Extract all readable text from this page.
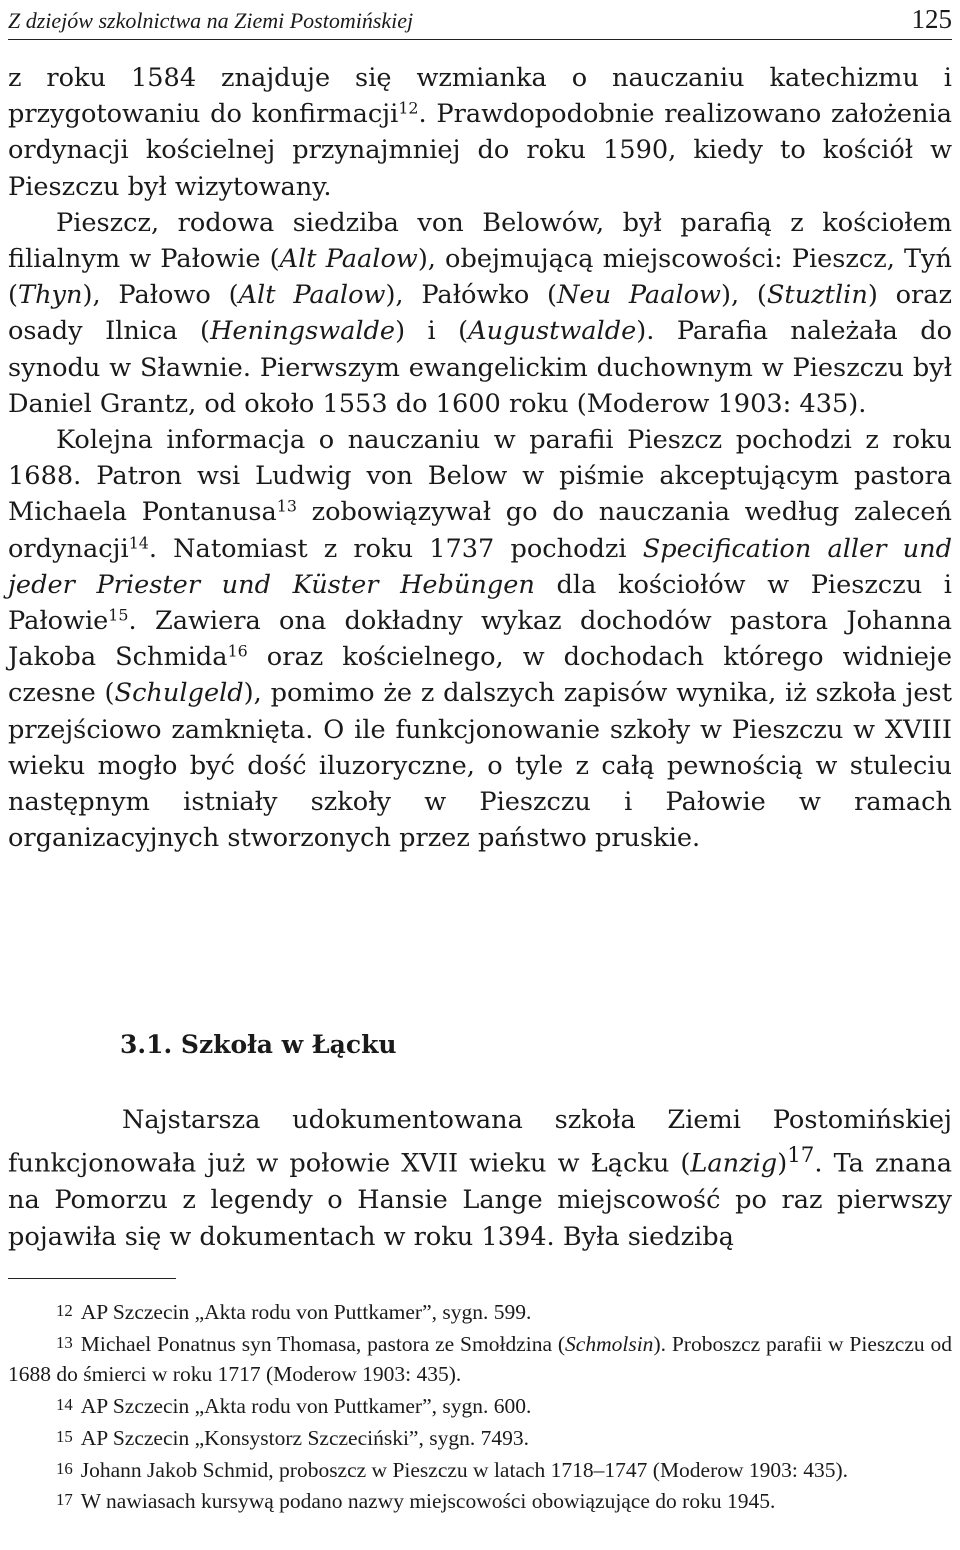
Z dziejów szkolnictwa na Ziemi Postomińskiej	125

z roku 1584 znajduje się wzmianka o nauczaniu katechizmu i przygotowaniu do konfirmacji$^{12}$. Prawdopodobnie realizowano założenia ordynacji kościelnej przynajmniej do roku 1590, kiedy to kościół w Pieszczu był wizytowany.

Pieszcz, rodowa siedziba von Belowów, był parafią z kościołem filialnym w Pałowie (Alt Paalow), obejmującą miejscowości: Pieszcz, Tyń (Thyn), Pałowo (Alt Paalow), Pałówko (Neu Paalow), (Stuztlin) oraz osady Ilnica (Heningswalde) i (Augustwalde). Parafia należała do synodu w Sławnie. Pierwszym ewangelickim duchownym w Pieszczu był Daniel Grantz, od około 1553 do 1600 roku (Moderow 1903: 435).

Kolejna informacja o nauczaniu w parafii Pieszcz pochodzi z roku 1688. Patron wsi Ludwig von Below w piśmie akceptującym pastora Michaela Pontanusa$^{13}$ zobowiązywał go do nauczania według zaleceń ordynacji$^{14}$. Natomiast z roku 1737 pochodzi Specification aller und jeder Priester und Küster Hebüngen dla kościołów w Pieszczu i Pałowie$^{15}$. Zawiera ona dokładny wykaz dochodów pastora Johanna Jakoba Schmida$^{16}$ oraz kościelnego, w dochodach którego widnieje czesne (Schulgeld), pomimo że z dalszych zapisów wynika, iż szkoła jest przejściowo zamknięta. O ile funkcjonowanie szkoły w Pieszczu w XVIII wieku mogło być dość iluzoryczne, o tyle z całą pewnością w stuleciu następnym istniały szkoły w Pieszczu i Pałowie w ramach organizacyjnych stworzonych przez państwo pruskie.

3.1. Szkoła w Łącku

Najstarsza udokumentowana szkoła Ziemi Postomińskiej funkcjonowała już w połowie XVII wieku w Łącku (Lanzig)$^{17}$. Ta znana na Pomorzu z legendy o Hansie Lange miejscowość po raz pierwszy pojawiła się w dokumentach w roku 1394. Była siedzibą

12 AP Szczecin „Akta rodu von Puttkamer”, sygn. 599.

13 Michael Ponatnus syn Thomasa, pastora ze Smołdzina (Schmolsin). Proboszcz parafii w Pieszczu od 1688 do śmierci w roku 1717 (Moderow 1903: 435).

14 AP Szczecin „Akta rodu von Puttkamer”, sygn. 600.

15 AP Szczecin „Konsystorz Szczeciński”, sygn. 7493.

16 Johann Jakob Schmid, proboszcz w Pieszczu w latach 1718–1747 (Moderow 1903: 435).

17 W nawiasach kursywą podano nazwy miejscowości obowiązujące do roku 1945.
